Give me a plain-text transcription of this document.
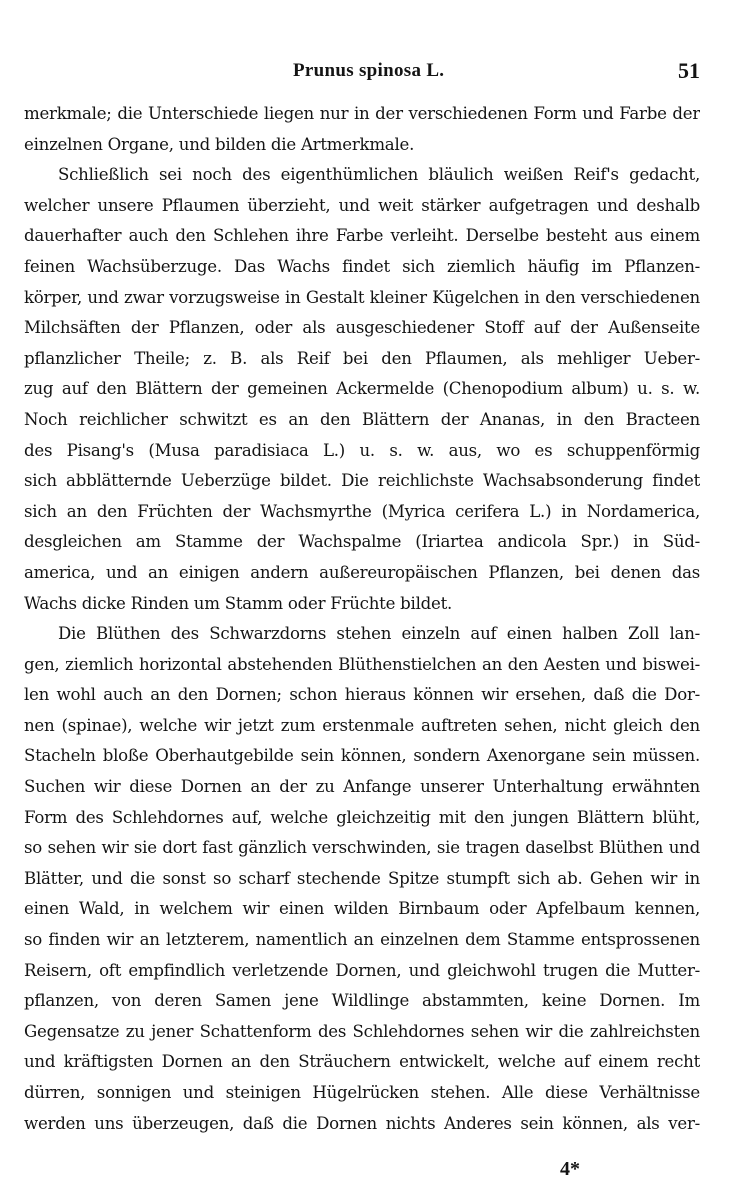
Prunus spinosa L.	51
merkmale; die Unterschiede liegen nur in der verschiedenen Form und Farbe der
einzelnen Organe, und bilden die Artmerkmale.
Schließlich sei noch des eigenthümlichen bläulich weißen Reif's gedacht,
welcher unsere Pflaumen überzieht, und weit stärker aufgetragen und deshalb
dauerhafter auch den Schlehen ihre Farbe verleiht. Derselbe besteht aus einem
feinen Wachsüberzuge. Das Wachs findet sich ziemlich häufig im Pflanzen-
körper, und zwar vorzugsweise in Gestalt kleiner Kügelchen in den verschiedenen
Milchsäften der Pflanzen, oder als ausgeschiedener Stoff auf der Außenseite
pflanzlicher Theile; z. B. als Reif bei den Pflaumen, als mehliger Ueber-
zug auf den Blättern der gemeinen Ackermelde (Chenopodium album) u. s. w.
Noch reichlicher schwitzt es an den Blättern der Ananas, in den Bracteen
des Pisang's (Musa paradisiaca L.) u. s. w. aus, wo es schuppenförmig
sich abblätternde Ueberzüge bildet. Die reichlichste Wachsabsonderung findet
sich an den Früchten der Wachsmyrthe (Myrica cerifera L.) in Nordamerica,
desgleichen am Stamme der Wachspalme (Iriartea andicola Spr.) in Süd-
america, und an einigen andern außereuropäischen Pflanzen, bei denen das
Wachs dicke Rinden um Stamm oder Früchte bildet.
Die Blüthen des Schwarzdorns stehen einzeln auf einen halben Zoll lan-
gen, ziemlich horizontal abstehenden Blüthenstielchen an den Aesten und biswei-
len wohl auch an den Dornen; schon hieraus können wir ersehen, daß die Dor-
nen (spinae), welche wir jetzt zum erstenmale auftreten sehen, nicht gleich den
Stacheln bloße Oberhautgebilde sein können, sondern Axenorgane sein müssen.
Suchen wir diese Dornen an der zu Anfange unserer Unterhaltung erwähnten
Form des Schlehdornes auf, welche gleichzeitig mit den jungen Blättern blüht,
so sehen wir sie dort fast gänzlich verschwinden, sie tragen daselbst Blüthen und
Blätter, und die sonst so scharf stechende Spitze stumpft sich ab. Gehen wir in
einen Wald, in welchem wir einen wilden Birnbaum oder Apfelbaum kennen,
so finden wir an letzterem, namentlich an einzelnen dem Stamme entsprossenen
Reisern, oft empfindlich verletzende Dornen, und gleichwohl trugen die Mutter-
pflanzen, von deren Samen jene Wildlinge abstammten, keine Dornen. Im
Gegensatze zu jener Schattenform des Schlehdornes sehen wir die zahlreichsten
und kräftigsten Dornen an den Sträuchern entwickelt, welche auf einem recht
dürren, sonnigen und steinigen Hügelrücken stehen. Alle diese Verhältnisse
werden uns überzeugen, daß die Dornen nichts Anderes sein können, als ver-
4*
